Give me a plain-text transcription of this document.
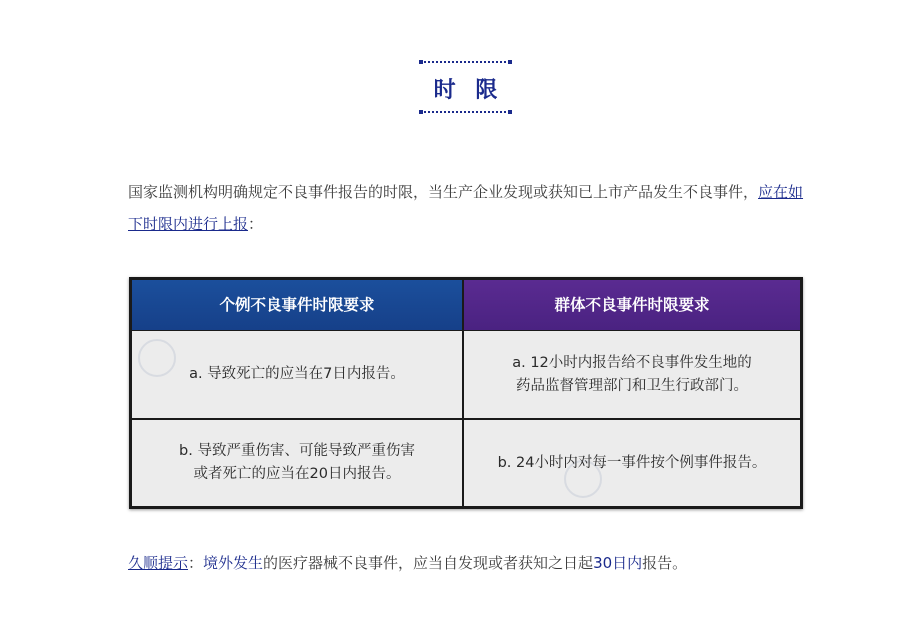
时 限
国家监测机构明确规定不良事件报告的时限，当生产企业发现或获知已上市产品发生不良事件，应在如下时限内进行上报：
个例不良事件时限要求	群体不良事件时限要求
a. 导致死亡的应当在7日内报告。
a. 12小时内报告给不良事件发生地的
药品监督管理部门和卫生行政部门。
b. 导致严重伤害、可能导致严重伤害
或者死亡的应当在20日内报告。
b. 24小时内对每一事件按个例事件报告。
久顺提示：境外发生的医疗器械不良事件，应当自发现或者获知之日起30日内报告。
